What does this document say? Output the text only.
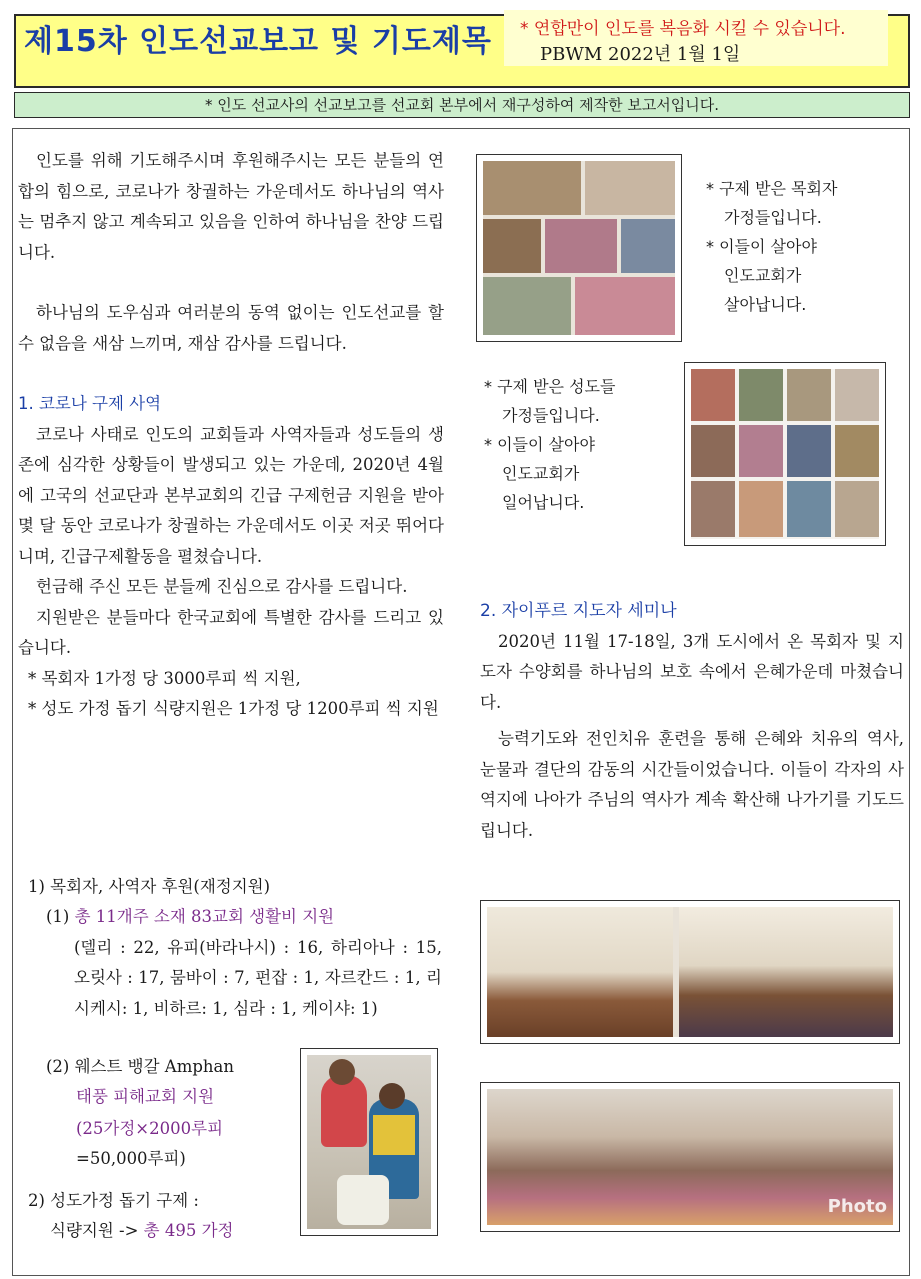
제15차 인도선교보고 및 기도제목 * 연합만이 인도를 복음화 시킬 수 있습니다.
PBWM 2022년 1월 1일
* 인도 선교사의 선교보고를 선교회 본부에서 재구성하여 제작한 보고서입니다.

인도를 위해 기도해주시며 후원해주시는 모든 분들의 연합의 힘으로, 코로나가 창궐하는 가운데서도 하나님의 역사는 멈추지 않고 계속되고 있음을 인하여 하나님을 찬양 드립니다.

하나님의 도우심과 여러분의 동역 없이는 인도선교를 할 수 없음을 새삼 느끼며, 재삼 감사를 드립니다.

1. 코로나 구제 사역

코로나 사태로 인도의 교회들과 사역자들과 성도들의 생존에 심각한 상황들이 발생되고 있는 가운데, 2020년 4월에 고국의 선교단과 본부교회의 긴급 구제헌금 지원을 받아 몇 달 동안 코로나가 창궐하는 가운데서도 이곳 저곳 뛰어다니며, 긴급구제활동을 펼쳤습니다.

헌금해 주신 모든 분들께 진심으로 감사를 드립니다.

지원받은 분들마다 한국교회에 특별한 감사를 드리고 있습니다.

* 목회자 1가정 당 3000루피 씩 지원,
* 성도 가정 돕기 식량지원은 1가정 당 1200루피 씩 지원
1) 목회자, 사역자 후원(재정지원)
(1) 총 11개주 소재 83교회 생활비 지원
(델리 : 22, 유피(바라나시) : 16, 하리아나 : 15, 오릿사 : 17, 뭄바이 : 7, 펀잡 : 1, 자르칸드 : 1, 리시케시: 1, 비하르: 1, 심라 : 1, 케이샤: 1)
(2) 웨스트 뱅갈 Amphan
태풍 피해교회 지원
(25가정×2000루피
=50,000루피)
2) 성도가정 돕기 구제 :
식량지원 -> 총 495 가정
* 구제 받은 목회자
가정들입니다.
* 이들이 살아야
인도교회가
살아납니다.
* 구제 받은 성도들
가정들입니다.
* 이들이 살아야
인도교회가
일어납니다.

2. 자이푸르 지도자 세미나

2020년 11월 17-18일, 3개 도시에서 온 목회자 및 지도자 수양회를 하나님의 보호 속에서 은혜가운데 마쳤습니다.

능력기도와 전인치유 훈련을 통해 은혜와 치유의 역사, 눈물과 결단의 감동의 시간들이었습니다. 이들이 각자의 사역지에 나아가 주님의 역사가 계속 확산해 나가기를 기도드립니다.

Photo
